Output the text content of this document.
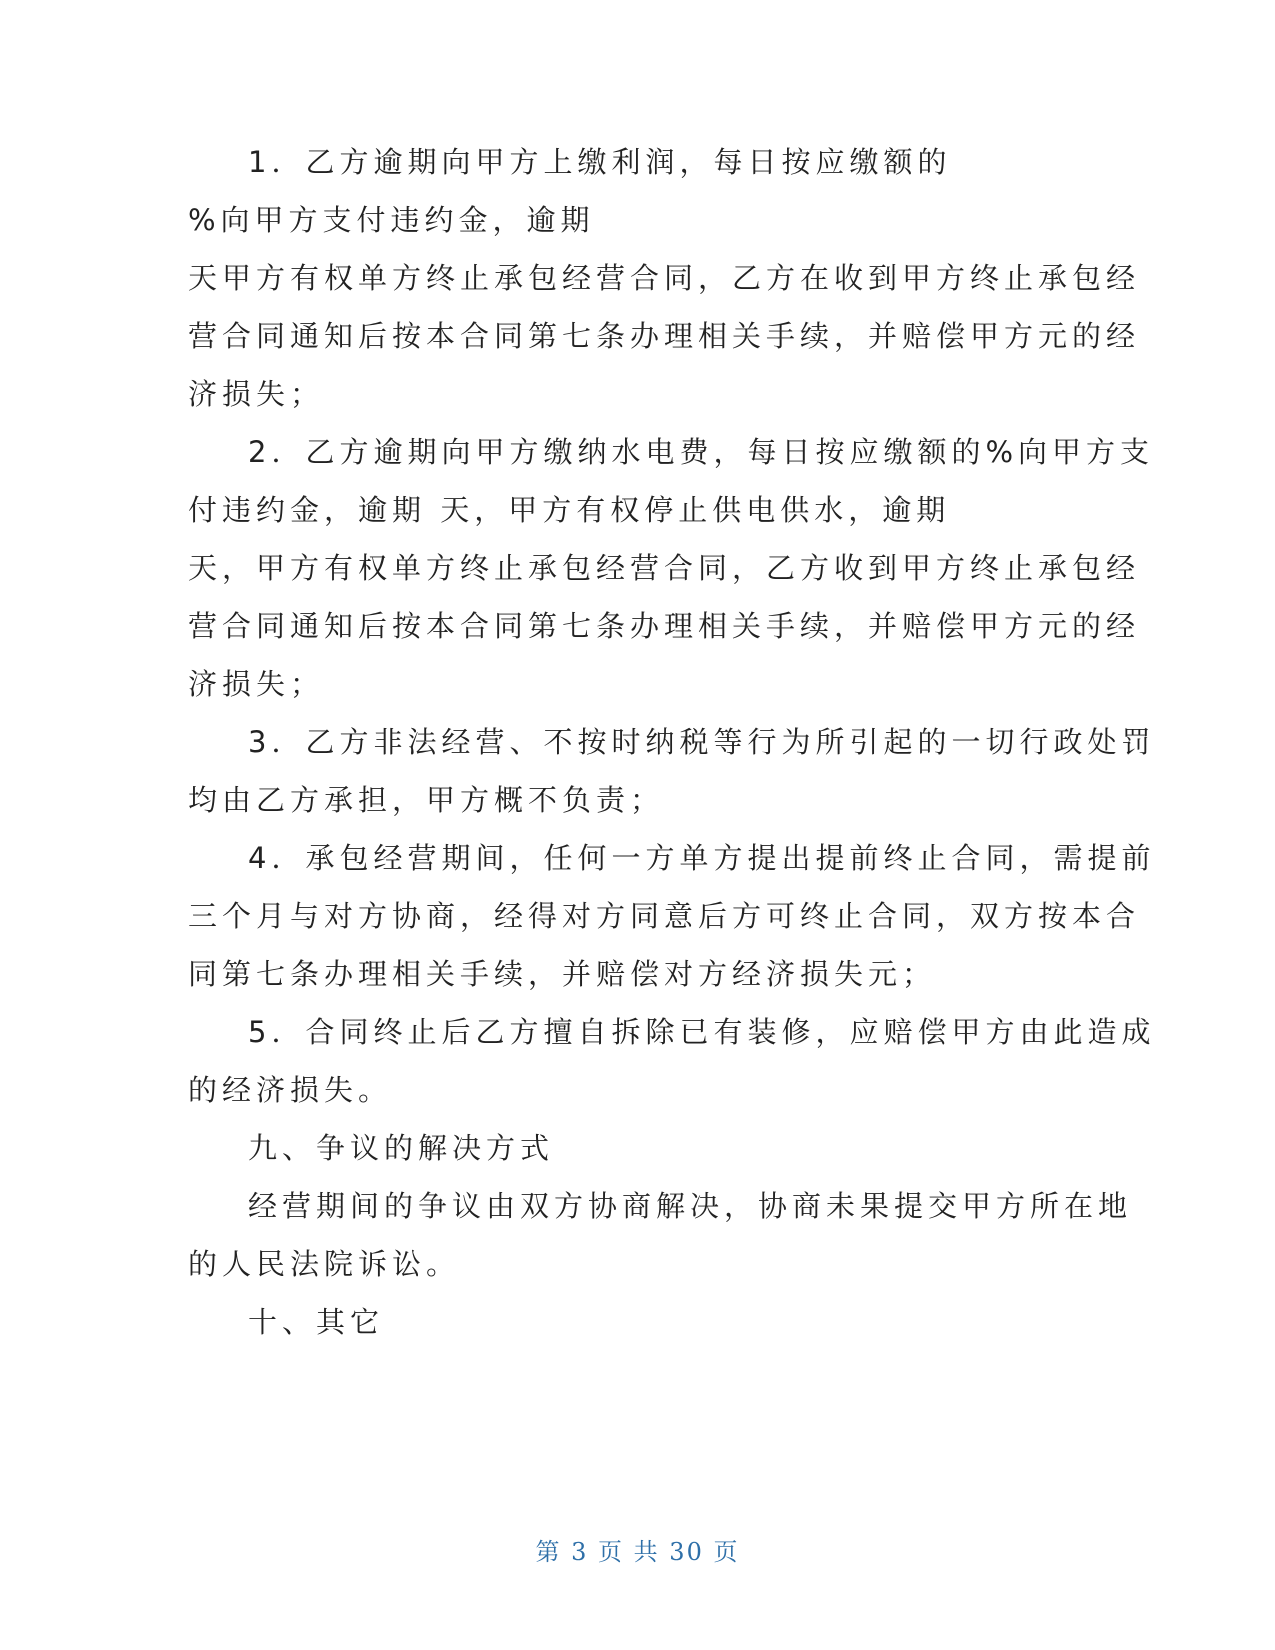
1．乙方逾期向甲方上缴利润，每日按应缴额的
%向甲方支付违约金，逾期
天甲方有权单方终止承包经营合同，乙方在收到甲方终止承包经
营合同通知后按本合同第七条办理相关手续，并赔偿甲方元的经
济损失；
2．乙方逾期向甲方缴纳水电费，每日按应缴额的%向甲方支
付违约金，逾期 天，甲方有权停止供电供水，逾期
天，甲方有权单方终止承包经营合同，乙方收到甲方终止承包经
营合同通知后按本合同第七条办理相关手续，并赔偿甲方元的经
济损失；
3．乙方非法经营、不按时纳税等行为所引起的一切行政处罚
均由乙方承担，甲方概不负责；
4．承包经营期间，任何一方单方提出提前终止合同，需提前
三个月与对方协商，经得对方同意后方可终止合同，双方按本合
同第七条办理相关手续，并赔偿对方经济损失元；
5．合同终止后乙方擅自拆除已有装修，应赔偿甲方由此造成
的经济损失。
九、争议的解决方式
经营期间的争议由双方协商解决，协商未果提交甲方所在地
的人民法院诉讼。
十、其它
第 3 页 共 30 页
